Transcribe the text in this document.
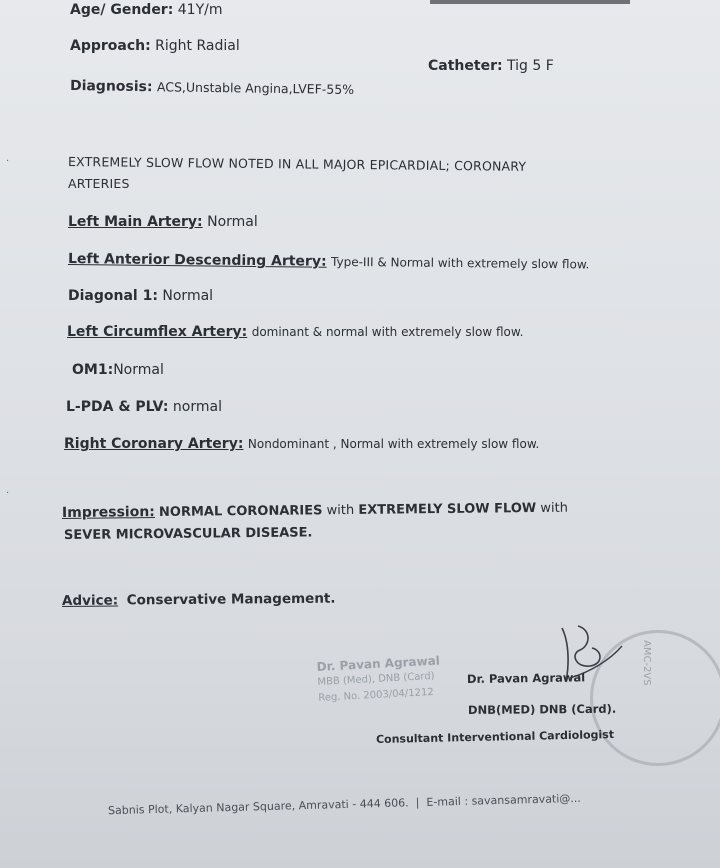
Age/ Gender: 41Y/m
Approach: Right Radial
Catheter: Tig 5 F
Diagnosis: ACS,Unstable Angina,LVEF-55%
EXTREMELY SLOW FLOW NOTED IN ALL MAJOR EPICARDIAL; CORONARY
ARTERIES
Left Main Artery: Normal
Left Anterior Descending Artery: Type-III & Normal with extremely slow flow.
Diagonal 1: Normal
Left Circumflex Artery: dominant & normal with extremely slow flow.
OM1:Normal
L-PDA & PLV: normal
Right Coronary Artery: Nondominant , Normal with extremely slow flow.
Impression: NORMAL CORONARIES with EXTREMELY SLOW FLOW with
SEVER MICROVASCULAR DISEASE.
Advice: Conservative Management.
Dr. Pavan Agrawal
MBB (Med), DNB (Card)
Reg. No. 2003/04/1212
AMC-2VS
Dr. Pavan Agrawal
DNB(MED) DNB (Card).
Consultant Interventional Cardiologist
Sabnis Plot, Kalyan Nagar Square, Amravati - 444 606.  |  E-mail : savansamravati@...
·
·
